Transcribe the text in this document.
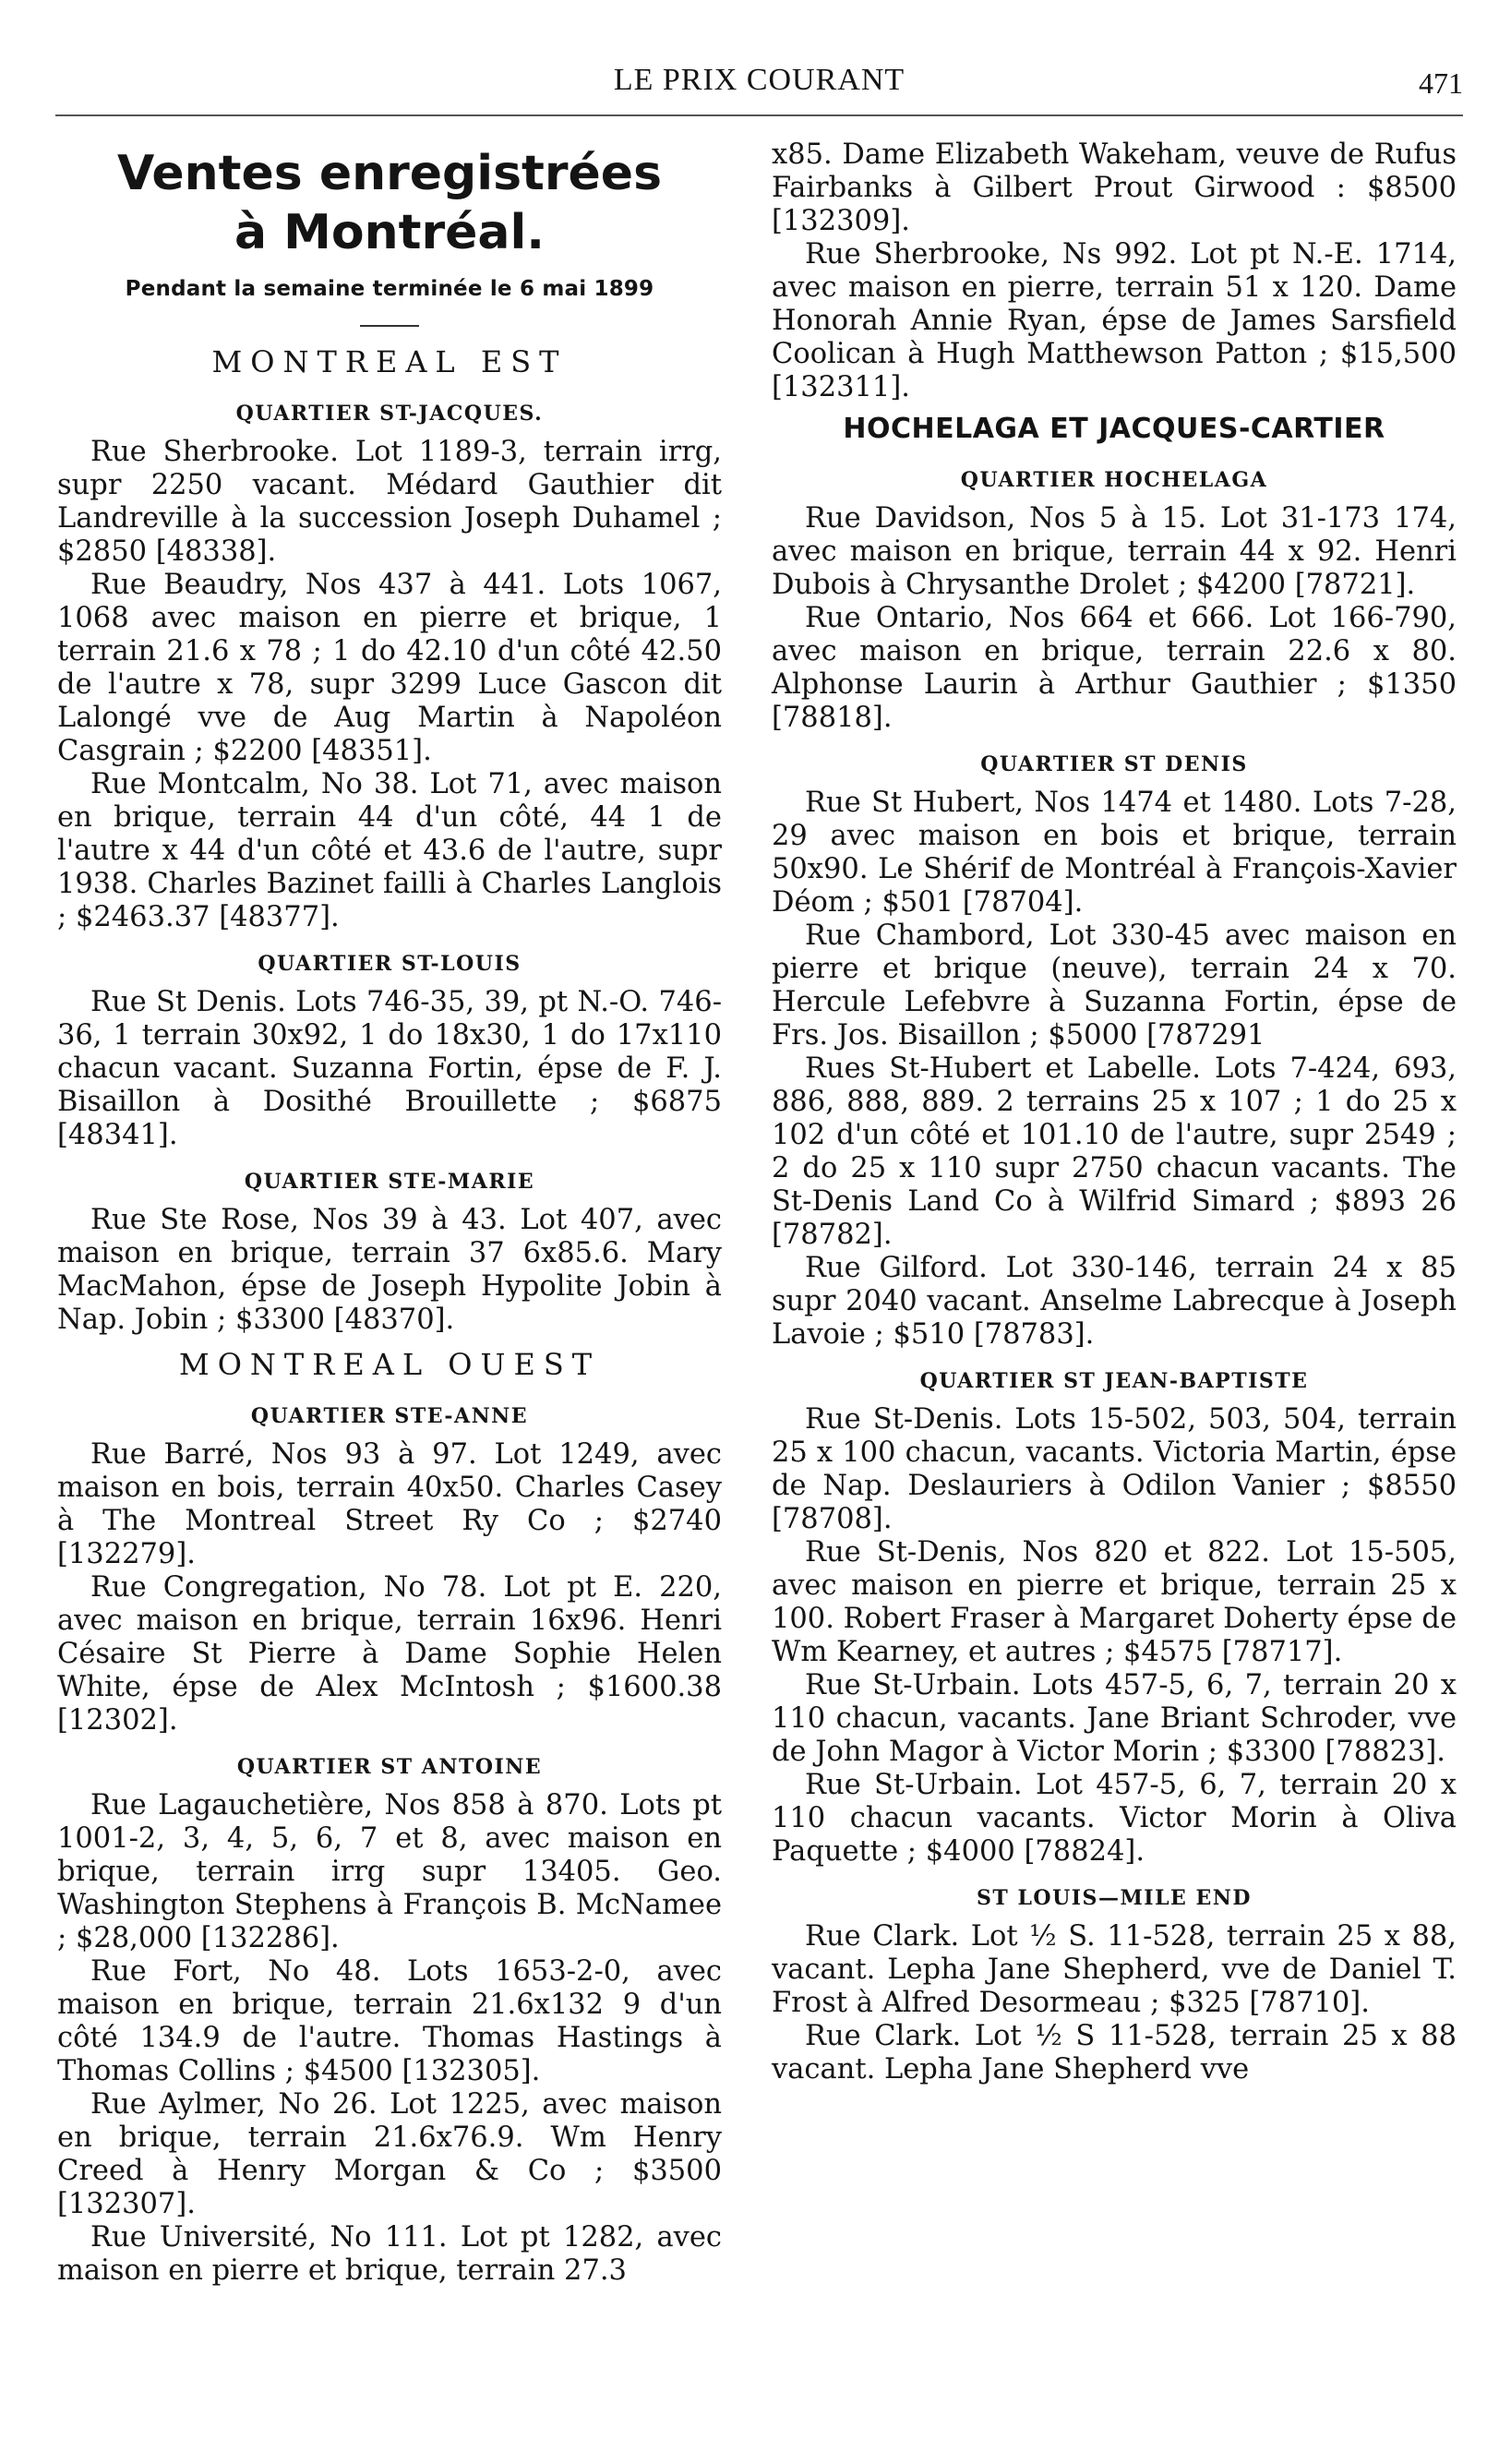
LE PRIX COURANT	471
Ventes enregistrées
à Montréal.
Pendant la semaine terminée le 6 mai 1899
MONTREAL EST
QUARTIER ST-JACQUES.

Rue Sherbrooke. Lot 1189-3, terrain irrg, supr 2250 vacant. Médard Gauthier dit Landreville à la succession Joseph Duhamel ; $2850 [48338].

Rue Beaudry, Nos 437 à 441. Lots 1067, 1068 avec maison en pierre et brique, 1 terrain 21.6 x 78 ; 1 do 42.10 d'un côté 42.50 de l'autre x 78, supr 3299 Luce Gascon dit Lalongé vve de Aug Martin à Napoléon Casgrain ; $2200 [48351].

Rue Montcalm, No 38. Lot 71, avec maison en brique, terrain 44 d'un côté, 44 1 de l'autre x 44 d'un côté et 43.6 de l'autre, supr 1938. Charles Bazinet failli à Charles Langlois ; $2463.37 [48377].

QUARTIER ST-LOUIS

Rue St Denis. Lots 746-35, 39, pt N.-O. 746-36, 1 terrain 30x92, 1 do 18x30, 1 do 17x110 chacun vacant. Suzanna Fortin, épse de F. J. Bisaillon à Dosithé Brouillette ; $6875 [48341].

QUARTIER STE-MARIE

Rue Ste Rose, Nos 39 à 43. Lot 407, avec maison en brique, terrain 37 6x85.6. Mary MacMahon, épse de Joseph Hypolite Jobin à Nap. Jobin ; $3300 [48370].

MONTREAL OUEST
QUARTIER STE-ANNE

Rue Barré, Nos 93 à 97. Lot 1249, avec maison en bois, terrain 40x50. Charles Casey à The Montreal Street Ry Co ; $2740 [132279].

Rue Congregation, No 78. Lot pt E. 220, avec maison en brique, terrain 16x96. Henri Césaire St Pierre à Dame Sophie Helen White, épse de Alex McIntosh ; $1600.38 [12302].

QUARTIER ST ANTOINE

Rue Lagauchetière, Nos 858 à 870. Lots pt 1001-2, 3, 4, 5, 6, 7 et 8, avec maison en brique, terrain irrg supr 13405. Geo. Washington Stephens à François B. McNamee ; $28,000 [132286].

Rue Fort, No 48. Lots 1653-2-0, avec maison en brique, terrain 21.6x132 9 d'un côté 134.9 de l'autre. Thomas Hastings à Thomas Collins ; $4500 [132305].

Rue Aylmer, No 26. Lot 1225, avec maison en brique, terrain 21.6x76.9. Wm Henry Creed à Henry Morgan & Co ; $3500 [132307].

Rue Université, No 111. Lot pt 1282, avec maison en pierre et brique, terrain 27.3

x85. Dame Elizabeth Wakeham, veuve de Rufus Fairbanks à Gilbert Prout Girwood : $8500 [132309].

Rue Sherbrooke, Ns 992. Lot pt N.-E. 1714, avec maison en pierre, terrain 51 x 120. Dame Honorah Annie Ryan, épse de James Sarsfield Coolican à Hugh Matthewson Patton ; $15,500 [132311].

HOCHELAGA ET JACQUES-CARTIER
QUARTIER HOCHELAGA

Rue Davidson, Nos 5 à 15. Lot 31-173 174, avec maison en brique, terrain 44 x 92. Henri Dubois à Chrysanthe Drolet ; $4200 [78721].

Rue Ontario, Nos 664 et 666. Lot 166-790, avec maison en brique, terrain 22.6 x 80. Alphonse Laurin à Arthur Gauthier ; $1350 [78818].

QUARTIER ST DENIS

Rue St Hubert, Nos 1474 et 1480. Lots 7-28, 29 avec maison en bois et brique, terrain 50x90. Le Shérif de Montréal à François-Xavier Déom ; $501 [78704].

Rue Chambord, Lot 330-45 avec maison en pierre et brique (neuve), terrain 24 x 70. Hercule Lefebvre à Suzanna Fortin, épse de Frs. Jos. Bisaillon ; $5000 [787291

Rues St-Hubert et Labelle. Lots 7-424, 693, 886, 888, 889. 2 terrains 25 x 107 ; 1 do 25 x 102 d'un côté et 101.10 de l'autre, supr 2549 ; 2 do 25 x 110 supr 2750 chacun vacants. The St-Denis Land Co à Wilfrid Simard ; $893 26 [78782].

Rue Gilford. Lot 330-146, terrain 24 x 85 supr 2040 vacant. Anselme Labrecque à Joseph Lavoie ; $510 [78783].

QUARTIER ST JEAN-BAPTISTE

Rue St-Denis. Lots 15-502, 503, 504, terrain 25 x 100 chacun, vacants. Victoria Martin, épse de Nap. Deslauriers à Odilon Vanier ; $8550 [78708].

Rue St-Denis, Nos 820 et 822. Lot 15-505, avec maison en pierre et brique, terrain 25 x 100. Robert Fraser à Margaret Doherty épse de Wm Kearney, et autres ; $4575 [78717].

Rue St-Urbain. Lots 457-5, 6, 7, terrain 20 x 110 chacun, vacants. Jane Briant Schroder, vve de John Magor à Victor Morin ; $3300 [78823].

Rue St-Urbain. Lot 457-5, 6, 7, terrain 20 x 110 chacun vacants. Victor Morin à Oliva Paquette ; $4000 [78824].

ST LOUIS—MILE END

Rue Clark. Lot ½ S. 11-528, terrain 25 x 88, vacant. Lepha Jane Shepherd, vve de Daniel T. Frost à Alfred Desormeau ; $325 [78710].

Rue Clark. Lot ½ S 11-528, terrain 25 x 88 vacant. Lepha Jane Shepherd vve
